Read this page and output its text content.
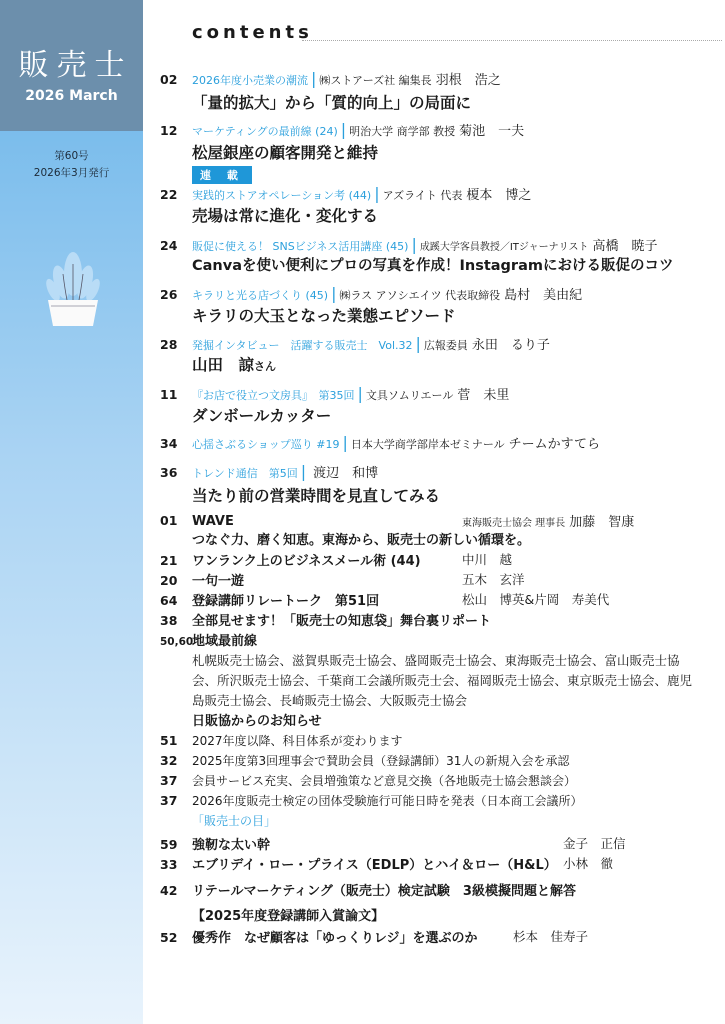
販売士
2026 March
第60号
2026年3月発行
contents
02 2026年度小売業の潮流 | ㈱ストアーズ社 編集長 羽根　浩之
「量的拡大」から「質的向上」の局面に
12 マーケティングの最前線 (24) | 明治大学 商学部 教授 菊池　一夫
松屋銀座の顧客開発と維持
連 載
22 実践的ストアオペレーション考 (44) | アズライト 代表 榎本　博之
売場は常に進化・変化する
24 販促に使える！ SNSビジネス活用講座 (45) | 成蹊大学客員教授／ITジャーナリスト 高橋　暁子
Canvaを使い便利にプロの写真を作成！Instagramにおける販促のコツ
26 キラリと光る店づくり (45) | ㈱ラス アソシエイツ 代表取締役 島村　美由紀
キラリの大玉となった業態エピソード
28 発掘インタビュー　活躍する販売士　Vol.32 | 広報委員 永田　るり子
山田　諒さん
11 『お店で役立つ文房具』　第35回 | 文具ソムリエール 菅　未里
ダンボールカッター
34 心揺さぶるショップ巡り #19 | 日本大学商学部岸本ゼミナール チームかすてら
36 トレンド通信　第5回 | 渡辺　和博
当たり前の営業時間を見直してみる
01 WAVE	東海販売士協会 理事長 加藤　智康
つなぐ力、磨く知恵。東海から、販売士の新しい循環を。
21 ワンランク上のビジネスメール術 (44)	中川　越
20 一句一遊	五木　玄洋
64 登録講師リレートーク　第51回	松山　博英&片岡　寿美代
38 全部見せます！「販売士の知恵袋」舞台裏リポート
50,60地域最前線
札幌販売士協会、滋賀県販売士協会、盛岡販売士協会、東海販売士協会、富山販売士協会、所沢販売士協会、千葉商工会議所販売士会、福岡販売士協会、東京販売士協会、鹿児島販売士協会、長崎販売士協会、大阪販売士協会
日販協からのお知らせ
51 2027年度以降、科目体系が変わります
32 2025年度第3回理事会で賛助会員（登録講師）31人の新規入会を承認
37 会員サービス充実、会員増強策など意見交換（各地販売士協会懇談会）
37 2026年度販売士検定の団体受験施行可能日時を発表（日本商工会議所）
「販売士の目」
59 強靭な太い幹	金子　正信
33 エブリデイ・ロー・プライス（EDLP）とハイ＆ロー（H&L） 小林　徹
42 リテールマーケティング（販売士）検定試験　3級模擬問題と解答
【2025年度登録講師入賞論文】
52 優秀作　なぜ顧客は「ゆっくりレジ」を選ぶのか	杉本　佳寿子
